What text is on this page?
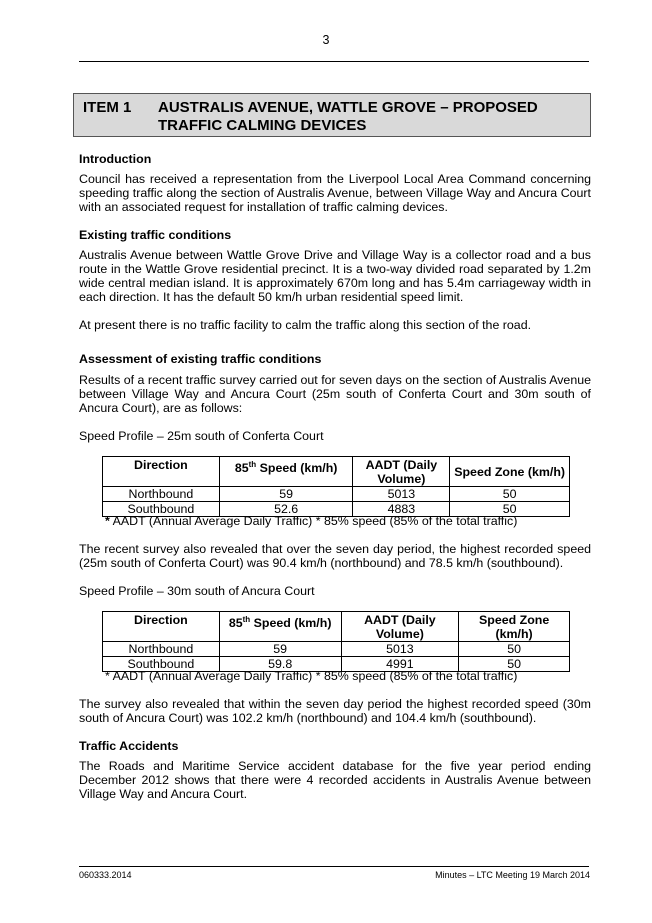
3
ITEM 1 AUSTRALIS AVENUE, WATTLE GROVE – PROPOSED TRAFFIC CALMING DEVICES
Introduction
Council has received a representation from the Liverpool Local Area Command concerning speeding traffic along the section of Australis Avenue, between Village Way and Ancura Court with an associated request for installation of traffic calming devices.
Existing traffic conditions
Australis Avenue between Wattle Grove Drive and Village Way is a collector road and a bus route in the Wattle Grove residential precinct. It is a two-way divided road separated by 1.2m wide central median island. It is approximately 670m long and has 5.4m carriageway width in each direction. It has the default 50 km/h urban residential speed limit.
At present there is no traffic facility to calm the traffic along this section of the road.
Assessment of existing traffic conditions
Results of a recent traffic survey carried out for seven days on the section of Australis Avenue between Village Way and Ancura Court (25m south of Conferta Court and 30m south of Ancura Court), are as follows:
Speed Profile – 25m south of Conferta Court
Direction	85th Speed (km/h)	AADT (Daily Volume)	Speed Zone (km/h)
Northbound	59	5013	50
Southbound	52.6	4883	50
* AADT (Annual Average Daily Traffic) * 85% speed (85% of the total traffic)
The recent survey also revealed that over the seven day period, the highest recorded speed (25m south of Conferta Court) was 90.4 km/h (northbound) and 78.5 km/h (southbound).
Speed Profile – 30m south of Ancura Court
Direction	85th Speed (km/h)	AADT (Daily Volume)	Speed Zone (km/h)
Northbound	59	5013	50
Southbound	59.8	4991	50
* AADT (Annual Average Daily Traffic) * 85% speed (85% of the total traffic)
The survey also revealed that within the seven day period the highest recorded speed (30m south of Ancura Court) was 102.2 km/h (northbound) and 104.4 km/h (southbound).
Traffic Accidents
The Roads and Maritime Service accident database for the five year period ending December 2012 shows that there were 4 recorded accidents in Australis Avenue between Village Way and Ancura Court.
060333.2014	Minutes – LTC Meeting 19 March 2014
